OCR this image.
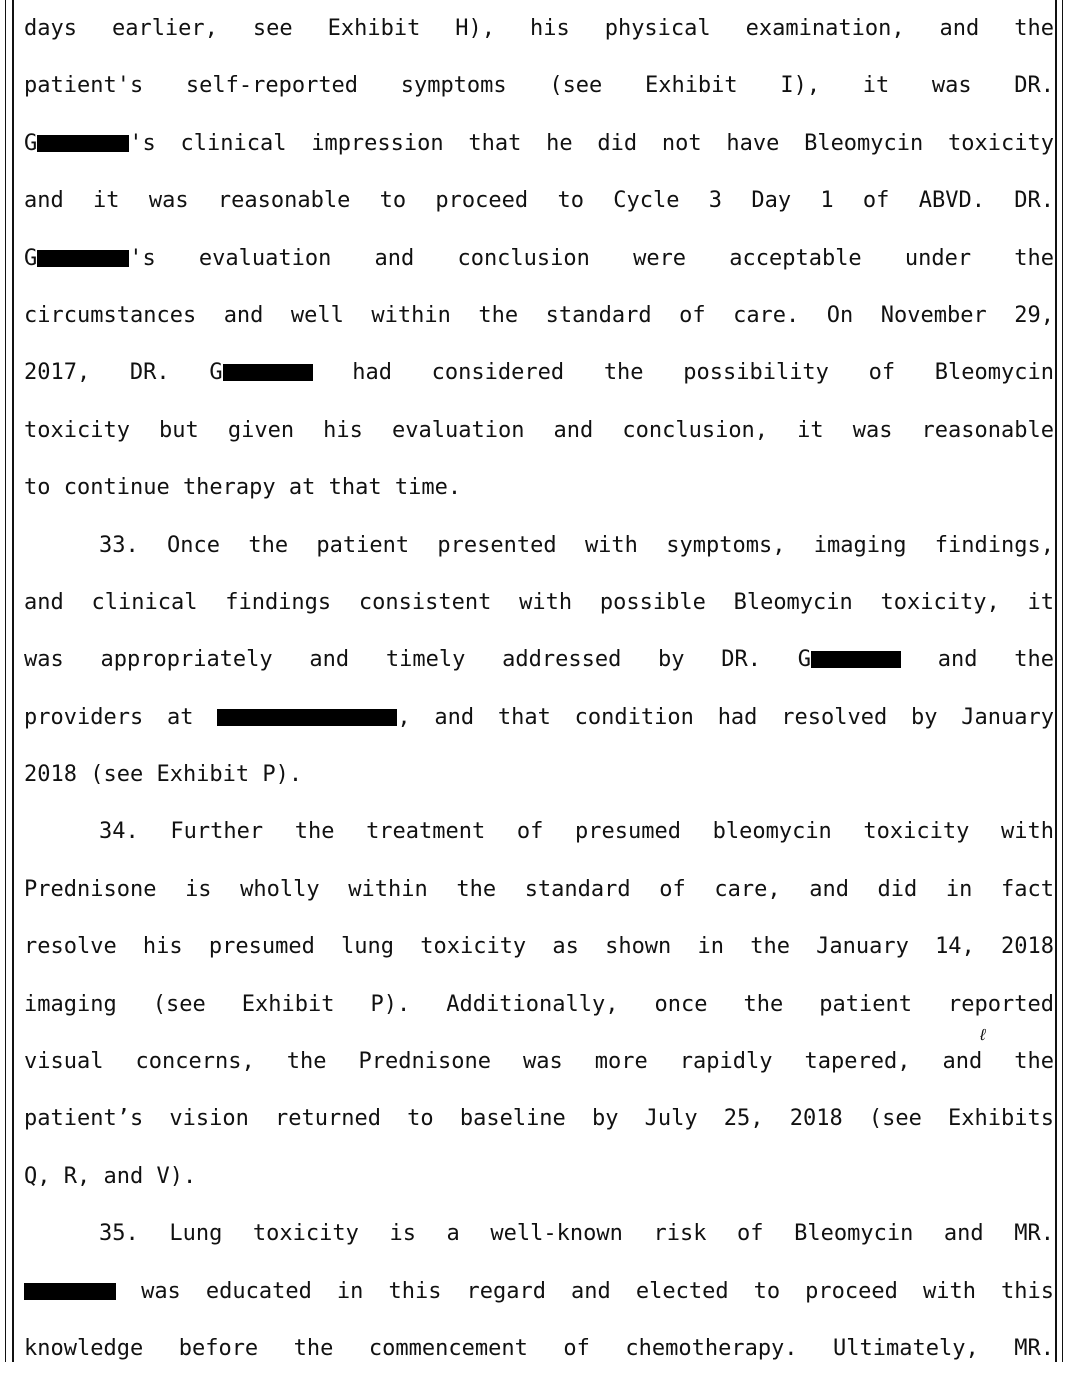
days earlier, see Exhibit H), his physical examination, and the
patient's self-reported symptoms (see Exhibit I), it was DR.
G	's clinical impression that he did not have Bleomycin toxicity
and it was reasonable to proceed to Cycle 3 Day 1 of ABVD. DR.
G	's evaluation and conclusion were acceptable under the
circumstances and well within the standard of care. On November 29,
2017, DR. G	had considered the possibility of Bleomycin
toxicity but given his evaluation and conclusion, it was reasonable
to continue therapy at that time.
33. Once the patient presented with symptoms, imaging findings,
and clinical findings consistent with possible Bleomycin toxicity, it
was appropriately and timely addressed by DR. G	and the
providers at	, and that condition had resolved by January
2018 (see Exhibit P).
34. Further the treatment of presumed bleomycin toxicity with
Prednisone is wholly within the standard of care, and did in fact
resolve his presumed lung toxicity as shown in the January 14, 2018
imaging (see Exhibit P). Additionally, once the patient reported
visual concerns, the Prednisone was more rapidly tapered, and the
patient’s vision returned to baseline by July 25, 2018 (see Exhibits
Q, R, and V).
35. Lung toxicity is a well-known risk of Bleomycin and MR.
was educated in this regard and elected to proceed with this
knowledge before the commencement of chemotherapy. Ultimately, MR.
ℓ
